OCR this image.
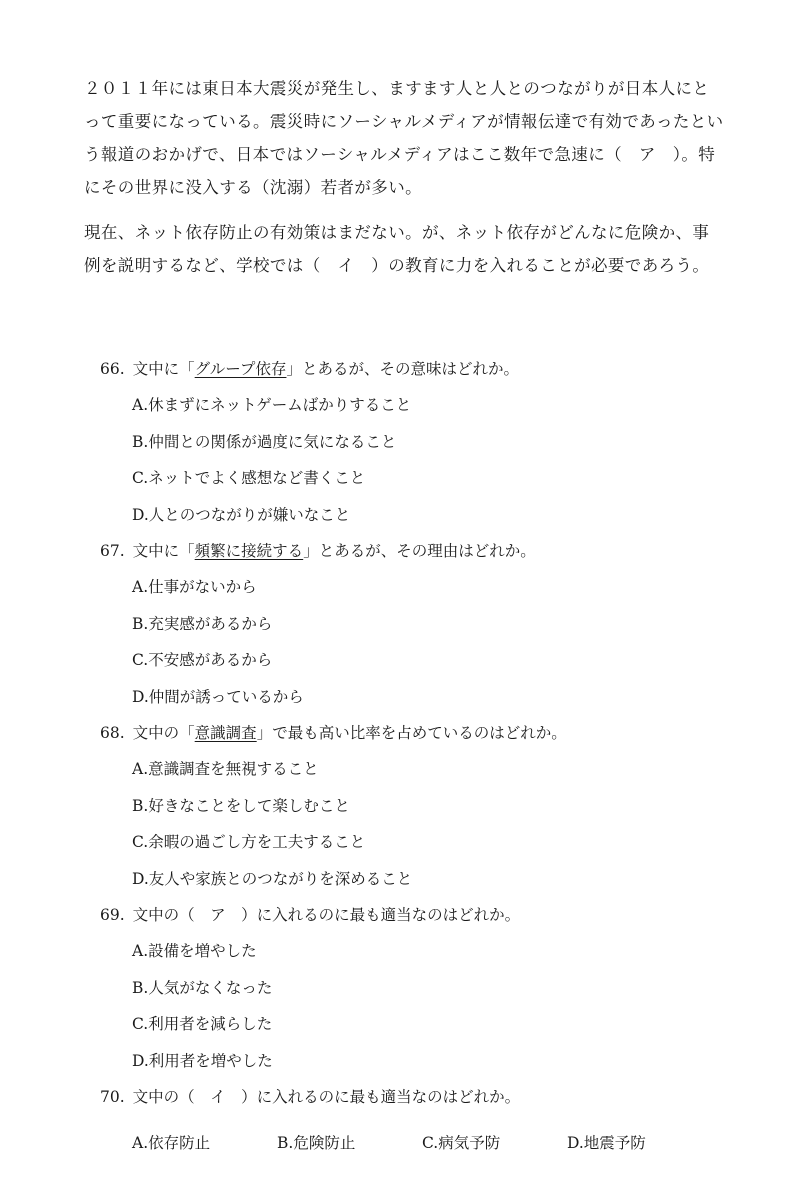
２０１１年には東日本大震災が発生し、ますます人と人とのつながりが日本人にとって重要になっている。震災時にソーシャルメディアが情報伝達で有効であったという報道のおかげで、日本ではソーシャルメディアはここ数年で急速に（　ア　）。特にその世界に没入する（沈溺）若者が多い。

現在、ネット依存防止の有効策はまだない。が、ネット依存がどんなに危険か、事例を説明するなど、学校では（　イ　）の教育に力を入れることが必要であろう。

66. 文中に「グループ依存」とあるが、その意味はどれか。
A.休まずにネットゲームばかりすること
B.仲間との関係が過度に気になること
C.ネットでよく感想など書くこと
D.人とのつながりが嫌いなこと
67. 文中に「頻繁に接続する」とあるが、その理由はどれか。
A.仕事がないから
B.充実感があるから
C.不安感があるから
D.仲間が誘っているから
68. 文中の「意識調査」で最も高い比率を占めているのはどれか。
A.意識調査を無視すること
B.好きなことをして楽しむこと
C.余暇の過ごし方を工夫すること
D.友人や家族とのつながりを深めること
69. 文中の（　ア　）に入れるのに最も適当なのはどれか。
A.設備を増やした
B.人気がなくなった
C.利用者を減らした
D.利用者を増やした
70. 文中の（　イ　）に入れるのに最も適当なのはどれか。
A.依存防止	B.危険防止	C.病気予防	D.地震予防
